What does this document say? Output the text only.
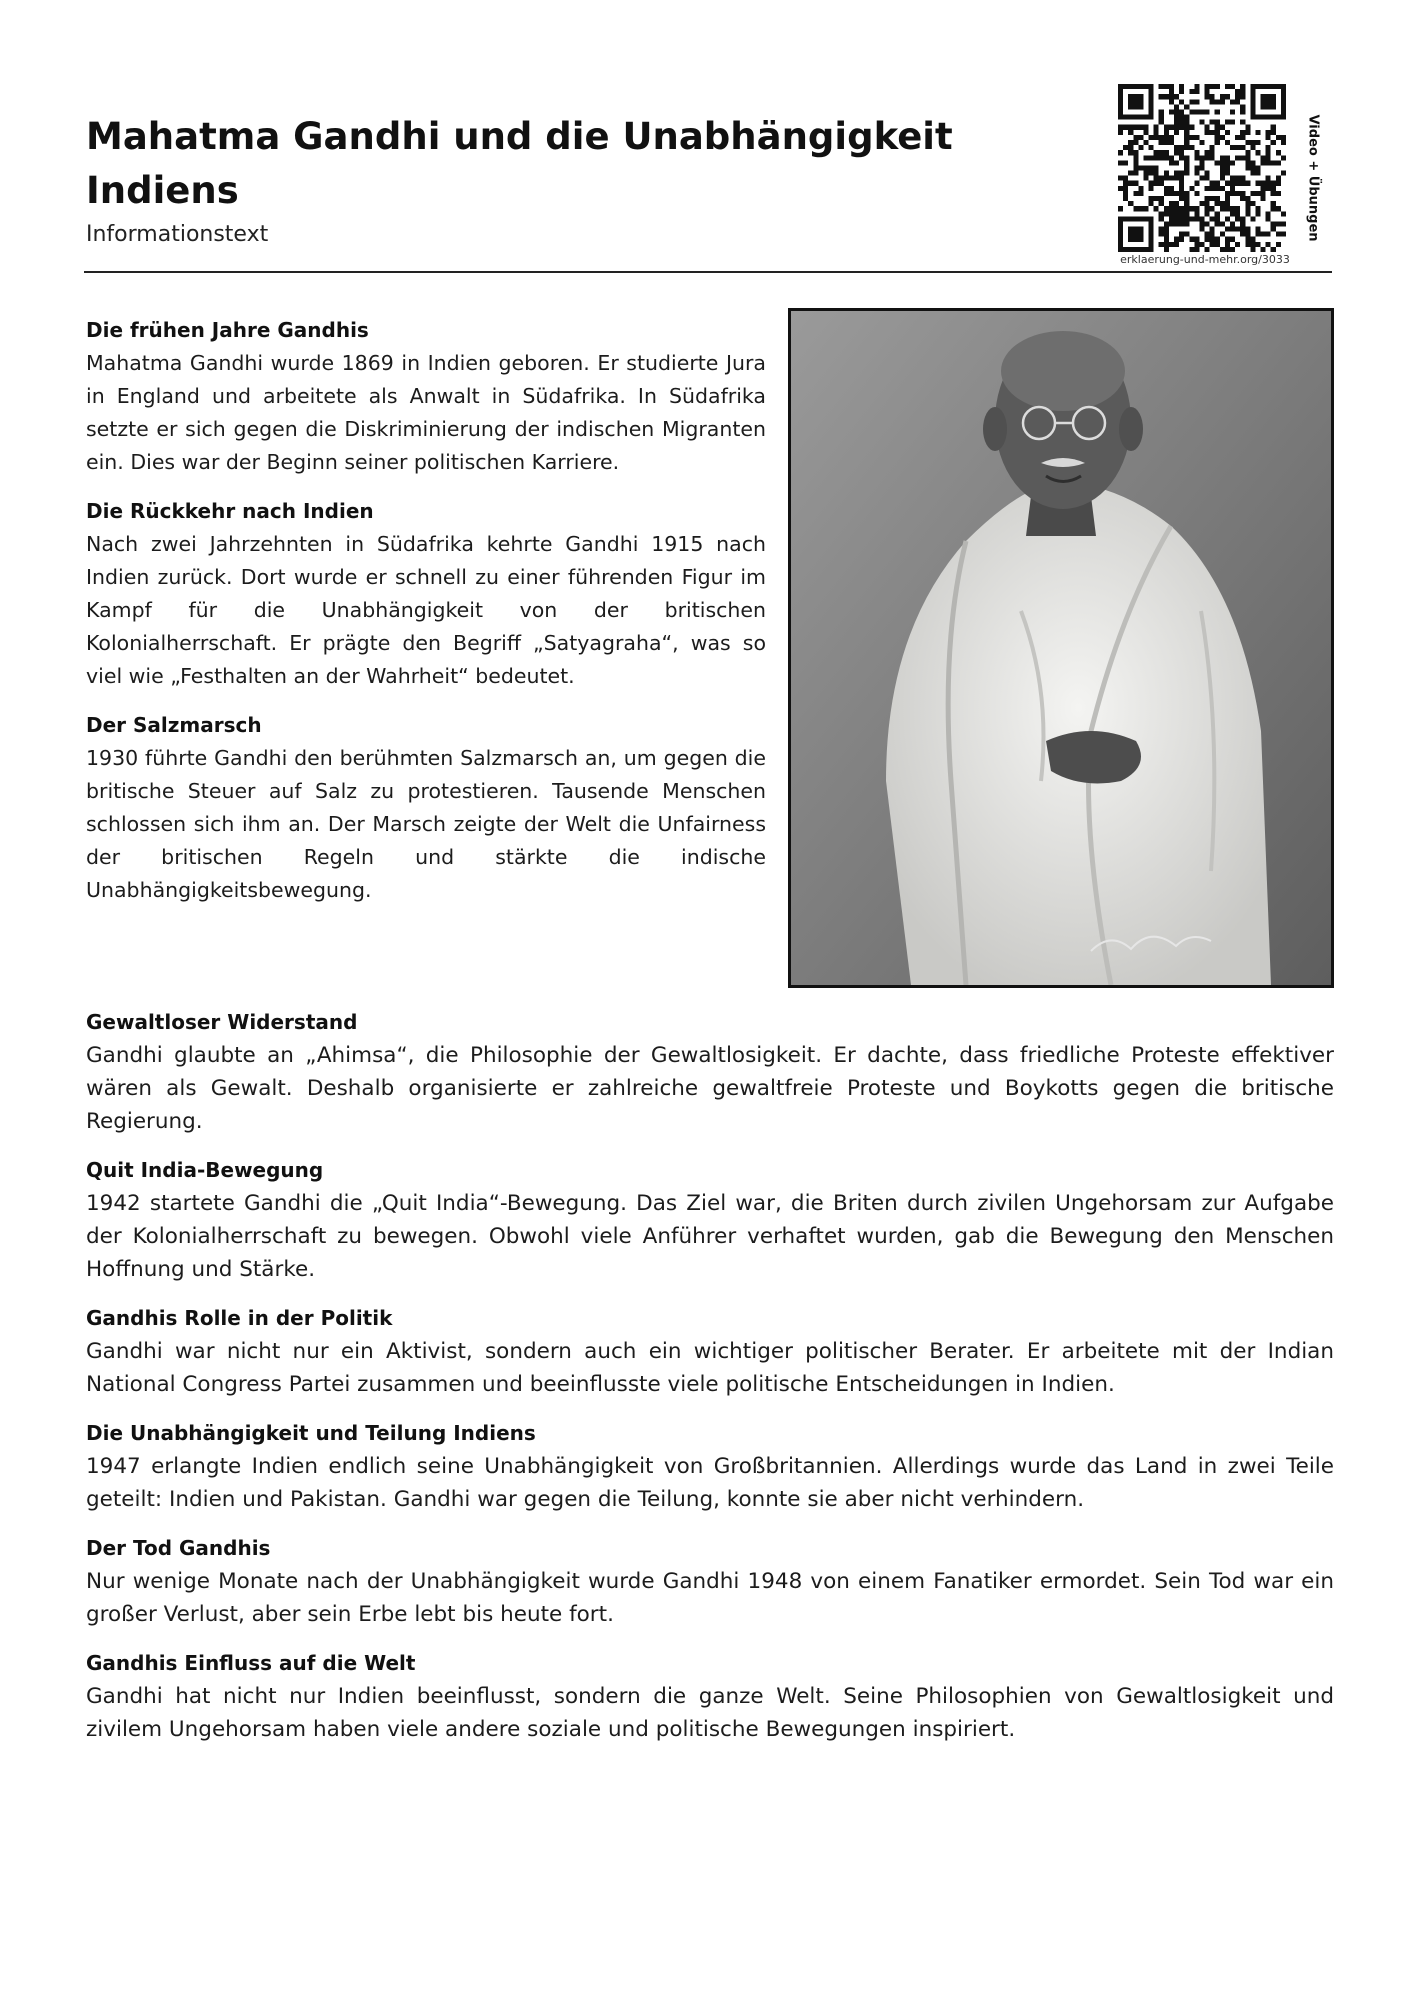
Mahatma Gandhi und die Unabhängigkeit Indiens
Informationstext	Video + Übungen
erklaerung-und-mehr.org/3033
Die frühen Jahre Gandhis

Mahatma Gandhi wurde 1869 in Indien geboren. Er studierte Jura in England und arbeitete als Anwalt in Südafrika. In Südafrika setzte er sich gegen die Diskriminierung der indischen Migranten ein. Dies war der Beginn seiner politischen Karriere.

Die Rückkehr nach Indien

Nach zwei Jahrzehnten in Südafrika kehrte Gandhi 1915 nach Indien zurück. Dort wurde er schnell zu einer führenden Figur im Kampf für die Unabhängigkeit von der britischen Kolonialherrschaft. Er prägte den Begriff „Satyagraha“, was so viel wie „Festhalten an der Wahrheit“ bedeutet.

Der Salzmarsch

1930 führte Gandhi den berühmten Salzmarsch an, um gegen die britische Steuer auf Salz zu protestieren. Tausende Menschen schlossen sich ihm an. Der Marsch zeigte der Welt die Unfairness der britischen Regeln und stärkte die indische Unabhängigkeitsbewegung.

Gewaltloser Widerstand

Gandhi glaubte an „Ahimsa“, die Philosophie der Gewaltlosigkeit. Er dachte, dass friedliche Proteste effektiver wären als Gewalt. Deshalb organisierte er zahlreiche gewaltfreie Proteste und Boykotts gegen die britische Regierung.

Quit India-Bewegung

1942 startete Gandhi die „Quit India“-Bewegung. Das Ziel war, die Briten durch zivilen Ungehorsam zur Aufgabe der Kolonialherrschaft zu bewegen. Obwohl viele Anführer verhaftet wurden, gab die Bewegung den Menschen Hoffnung und Stärke.

Gandhis Rolle in der Politik

Gandhi war nicht nur ein Aktivist, sondern auch ein wichtiger politischer Berater. Er arbeitete mit der Indian National Congress Partei zusammen und beeinflusste viele politische Entscheidungen in Indien.

Die Unabhängigkeit und Teilung Indiens

1947 erlangte Indien endlich seine Unabhängigkeit von Großbritannien. Allerdings wurde das Land in zwei Teile geteilt: Indien und Pakistan. Gandhi war gegen die Teilung, konnte sie aber nicht verhindern.

Der Tod Gandhis

Nur wenige Monate nach der Unabhängigkeit wurde Gandhi 1948 von einem Fanatiker ermordet. Sein Tod war ein großer Verlust, aber sein Erbe lebt bis heute fort.

Gandhis Einfluss auf die Welt

Gandhi hat nicht nur Indien beeinflusst, sondern die ganze Welt. Seine Philosophien von Gewaltlosigkeit und zivilem Ungehorsam haben viele andere soziale und politische Bewegungen inspiriert.
